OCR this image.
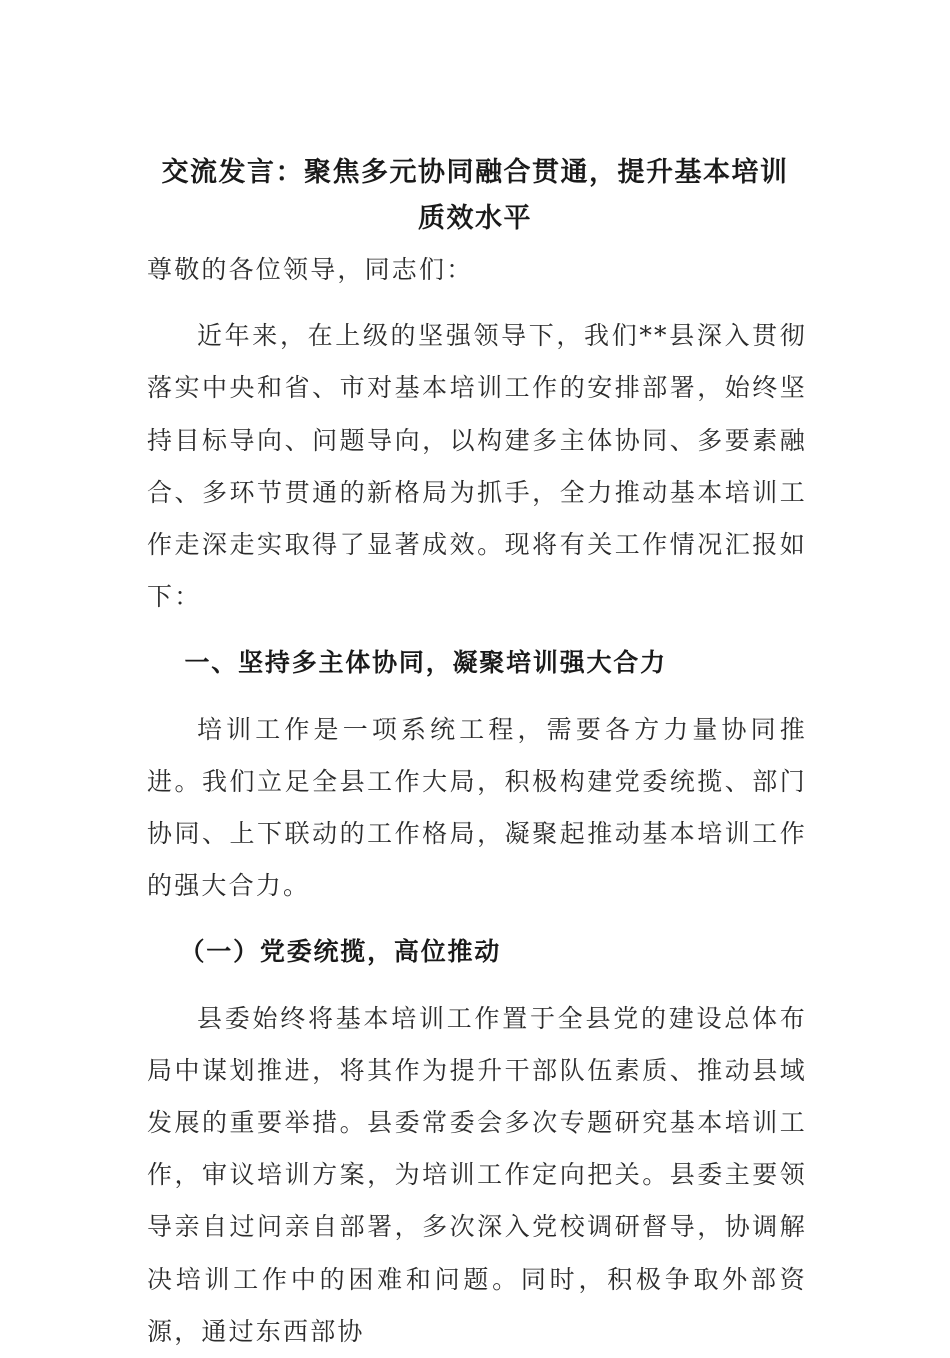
交流发言：聚焦多元协同融合贯通，提升基本培训质效水平

尊敬的各位领导，同志们：

近年来，在上级的坚强领导下，我们**县深入贯彻落实中央和省、市对基本培训工作的安排部署，始终坚持目标导向、问题导向，以构建多主体协同、多要素融合、多环节贯通的新格局为抓手，全力推动基本培训工作走深走实取得了显著成效。现将有关工作情况汇报如下：

一、坚持多主体协同，凝聚培训强大合力

培训工作是一项系统工程，需要各方力量协同推进。我们立足全县工作大局，积极构建党委统揽、部门协同、上下联动的工作格局，凝聚起推动基本培训工作的强大合力。

（一）党委统揽，高位推动

县委始终将基本培训工作置于全县党的建设总体布局中谋划推进，将其作为提升干部队伍素质、推动县域发展的重要举措。县委常委会多次专题研究基本培训工作，审议培训方案，为培训工作定向把关。县委主要领导亲自过问亲自部署，多次深入党校调研督导，协调解决培训工作中的困难和问题。同时，积极争取外部资源，通过东西部协
